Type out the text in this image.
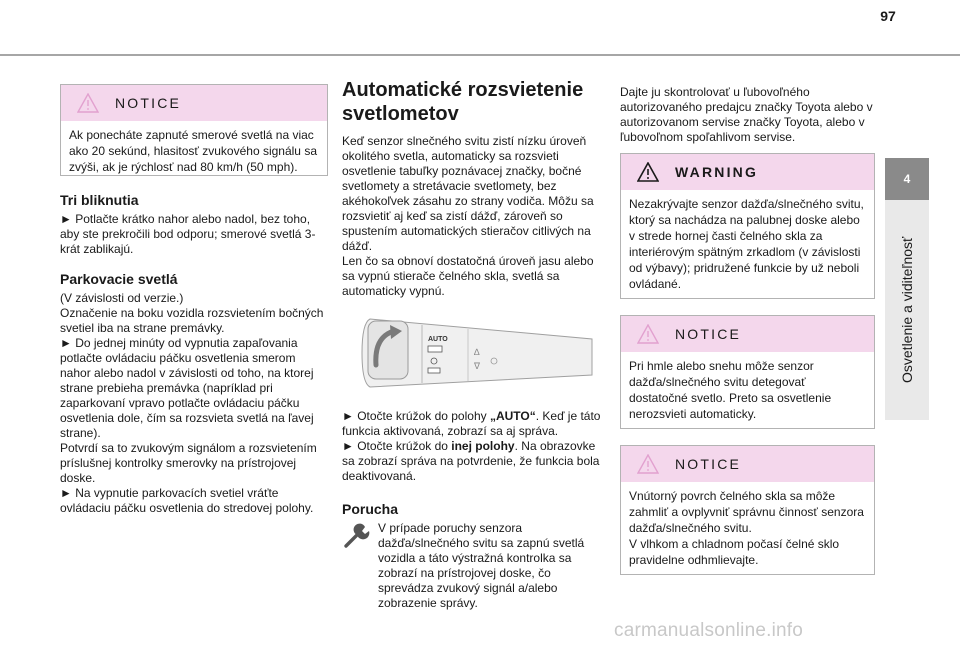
97
NOTICE

Ak ponecháte zapnuté smerové svetlá na viac ako 20 sekúnd, hlasitosť zvukového signálu sa zvýši, ak je rýchlosť nad 80 km/h (50 mph).

Tri bliknutia

► Potlačte krátko nahor alebo nadol, bez toho, aby ste prekročili bod odporu; smerové svetlá 3-krát zablikajú.

Parkovacie svetlá

(V závislosti od verzie.)

Označenie na boku vozidla rozsvietením bočných svetiel iba na strane premávky.

► Do jednej minúty od vypnutia zapaľovania potlačte ovládaciu páčku osvetlenia smerom nahor alebo nadol v závislosti od toho, na ktorej strane prebieha premávka (napríklad pri zaparkovaní vpravo potlačte ovládaciu páčku osvetlenia dole, čím sa rozsvieta svetlá na ľavej strane).

Potvrdí sa to zvukovým signálom a rozsvietením príslušnej kontrolky smerovky na prístrojovej doske.

► Na vypnutie parkovacích svetiel vráťte ovládaciu páčku osvetlenia do stredovej polohy.

Automatické rozsvietenie svetlometov

Keď senzor slnečného svitu zistí nízku úroveň okolitého svetla, automaticky sa rozsvieti osvetlenie tabuľky poznávacej značky, bočné svetlomety a stretávacie svetlomety, bez akéhokoľvek zásahu zo strany vodiča. Môžu sa rozsvietiť aj keď sa zistí dážď, zároveň so spustením automatických stieračov citlivých na dážď.

Len čo sa obnoví dostatočná úroveň jasu alebo sa vypnú stierače čelného skla, svetlá sa automaticky vypnú.

AUTO
∆
∇

► Otočte krúžok do polohy „AUTO“. Keď je táto funkcia aktivovaná, zobrazí sa aj správa.

► Otočte krúžok do inej polohy. Na obrazovke sa zobrazí správa na potvrdenie, že funkcia bola deaktivovaná.

Porucha

V prípade poruchy senzora dažďa/slnečného svitu sa zapnú svetlá vozidla a táto výstražná kontrolka sa zobrazí na prístrojovej doske, čo sprevádza zvukový signál a/alebo zobrazenie správy.

Dajte ju skontrolovať u ľubovoľného autorizovaného predajcu značky Toyota alebo v autorizovanom servise značky Toyota, alebo v ľubovoľnom spoľahlivom servise.

WARNING

Nezakrývajte senzor dažďa/slnečného svitu, ktorý sa nachádza na palubnej doske alebo v strede hornej časti čelného skla za interiérovým spätným zrkadlom (v závislosti od výbavy); pridružené funkcie by už neboli ovládané.

NOTICE

Pri hmle alebo snehu môže senzor dažďa/slnečného svitu detegovať dostatočné svetlo. Preto sa osvetlenie nerozsvieti automaticky.

NOTICE

Vnútorný povrch čelného skla sa môže zahmliť a ovplyvniť správnu činnosť senzora dažďa/slnečného svitu.

V vlhkom a chladnom počasí čelné sklo pravidelne odhmlievajte.

4
Osvetlenie a viditeľnosť
carmanualsonline.info
